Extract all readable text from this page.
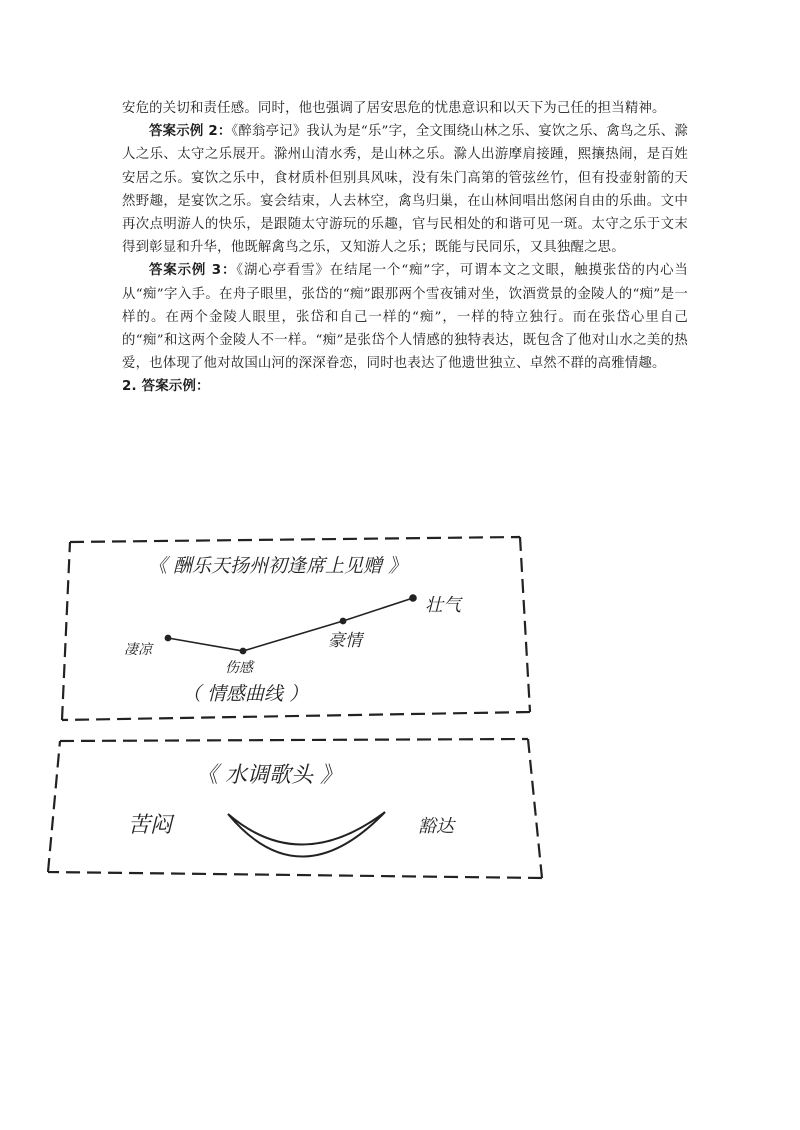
安危的关切和责任感。同时，他也强调了居安思危的忧患意识和以天下为己任的担当精神。

答案示例 2：《醉翁亭记》我认为是“乐”字，全文围绕山林之乐、宴饮之乐、禽鸟之乐、滁人之乐、太守之乐展开。滁州山清水秀，是山林之乐。滁人出游摩肩接踵，熙攘热闹，是百姓安居之乐。宴饮之乐中，食材质朴但别具风味，没有朱门高第的管弦丝竹，但有投壶射箭的天然野趣，是宴饮之乐。宴会结束，人去林空，禽鸟归巢，在山林间唱出悠闲自由的乐曲。文中再次点明游人的快乐，是跟随太守游玩的乐趣，官与民相处的和谐可见一斑。太守之乐于文末得到彰显和升华，他既解禽鸟之乐，又知游人之乐；既能与民同乐，又具独醒之思。

答案示例 3：《湖心亭看雪》在结尾一个“痴”字，可谓本文之文眼，触摸张岱的内心当从“痴”字入手。在舟子眼里，张岱的“痴”跟那两个雪夜铺对坐，饮酒赏景的金陵人的“痴”是一样的。在两个金陵人眼里，张岱和自己一样的“痴”，一样的特立独行。而在张岱心里自己的“痴”和这两个金陵人不一样。“痴”是张岱个人情感的独特表达，既包含了他对山水之美的热爱，也体现了他对故国山河的深深眷恋，同时也表达了他遗世独立、卓然不群的高雅情趣。

2. 答案示例：

《 酬乐天扬州初逢席上见赠 》
凄凉
伤感
豪情
壮气
（ 情感曲线 ）
《 水调歌头 》
苦闷	豁达
